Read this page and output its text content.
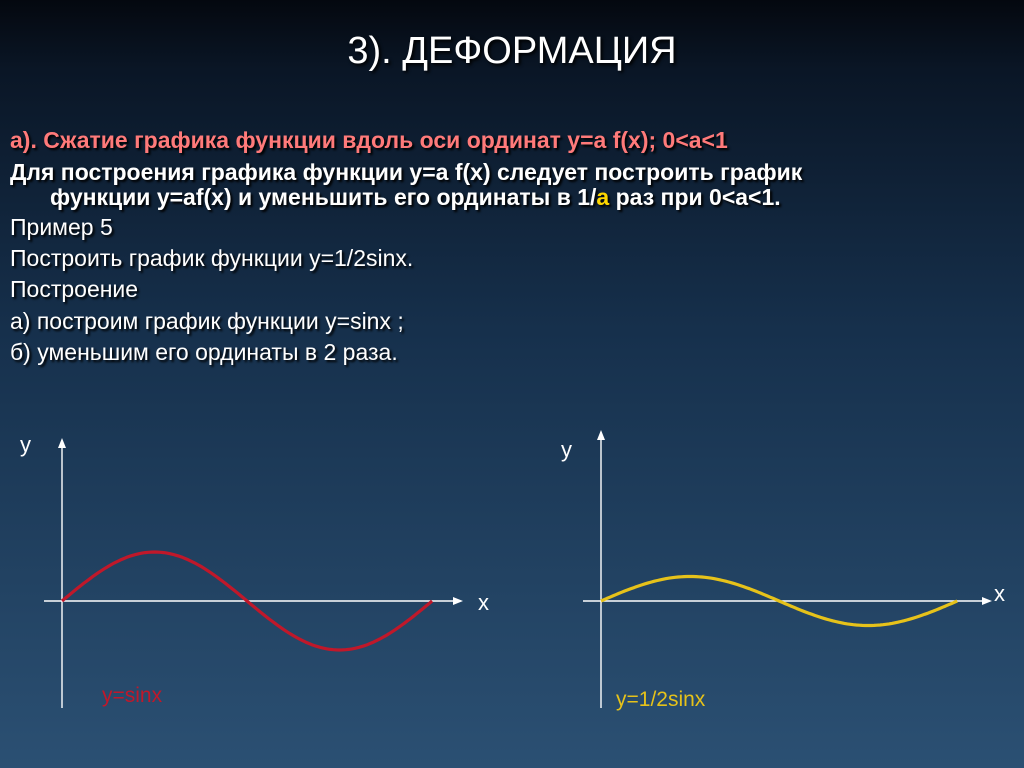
3). ДЕФОРМАЦИЯ
а). Сжатие графика функции вдоль оси ординат у=а f(x); 0<a<1
Для построения графика функции у=а f(x) следует построить график
функции у=аf(x) и уменьшить его ординаты в 1/а раз при 0<a<1.
Пример 5
Построить график функции у=1/2sinx.
Построение
а) построим график функции у=sinx ;
б) уменьшим его ординаты в 2 раза.
у
x
у=sinx
у
x
у=1/2sinx
